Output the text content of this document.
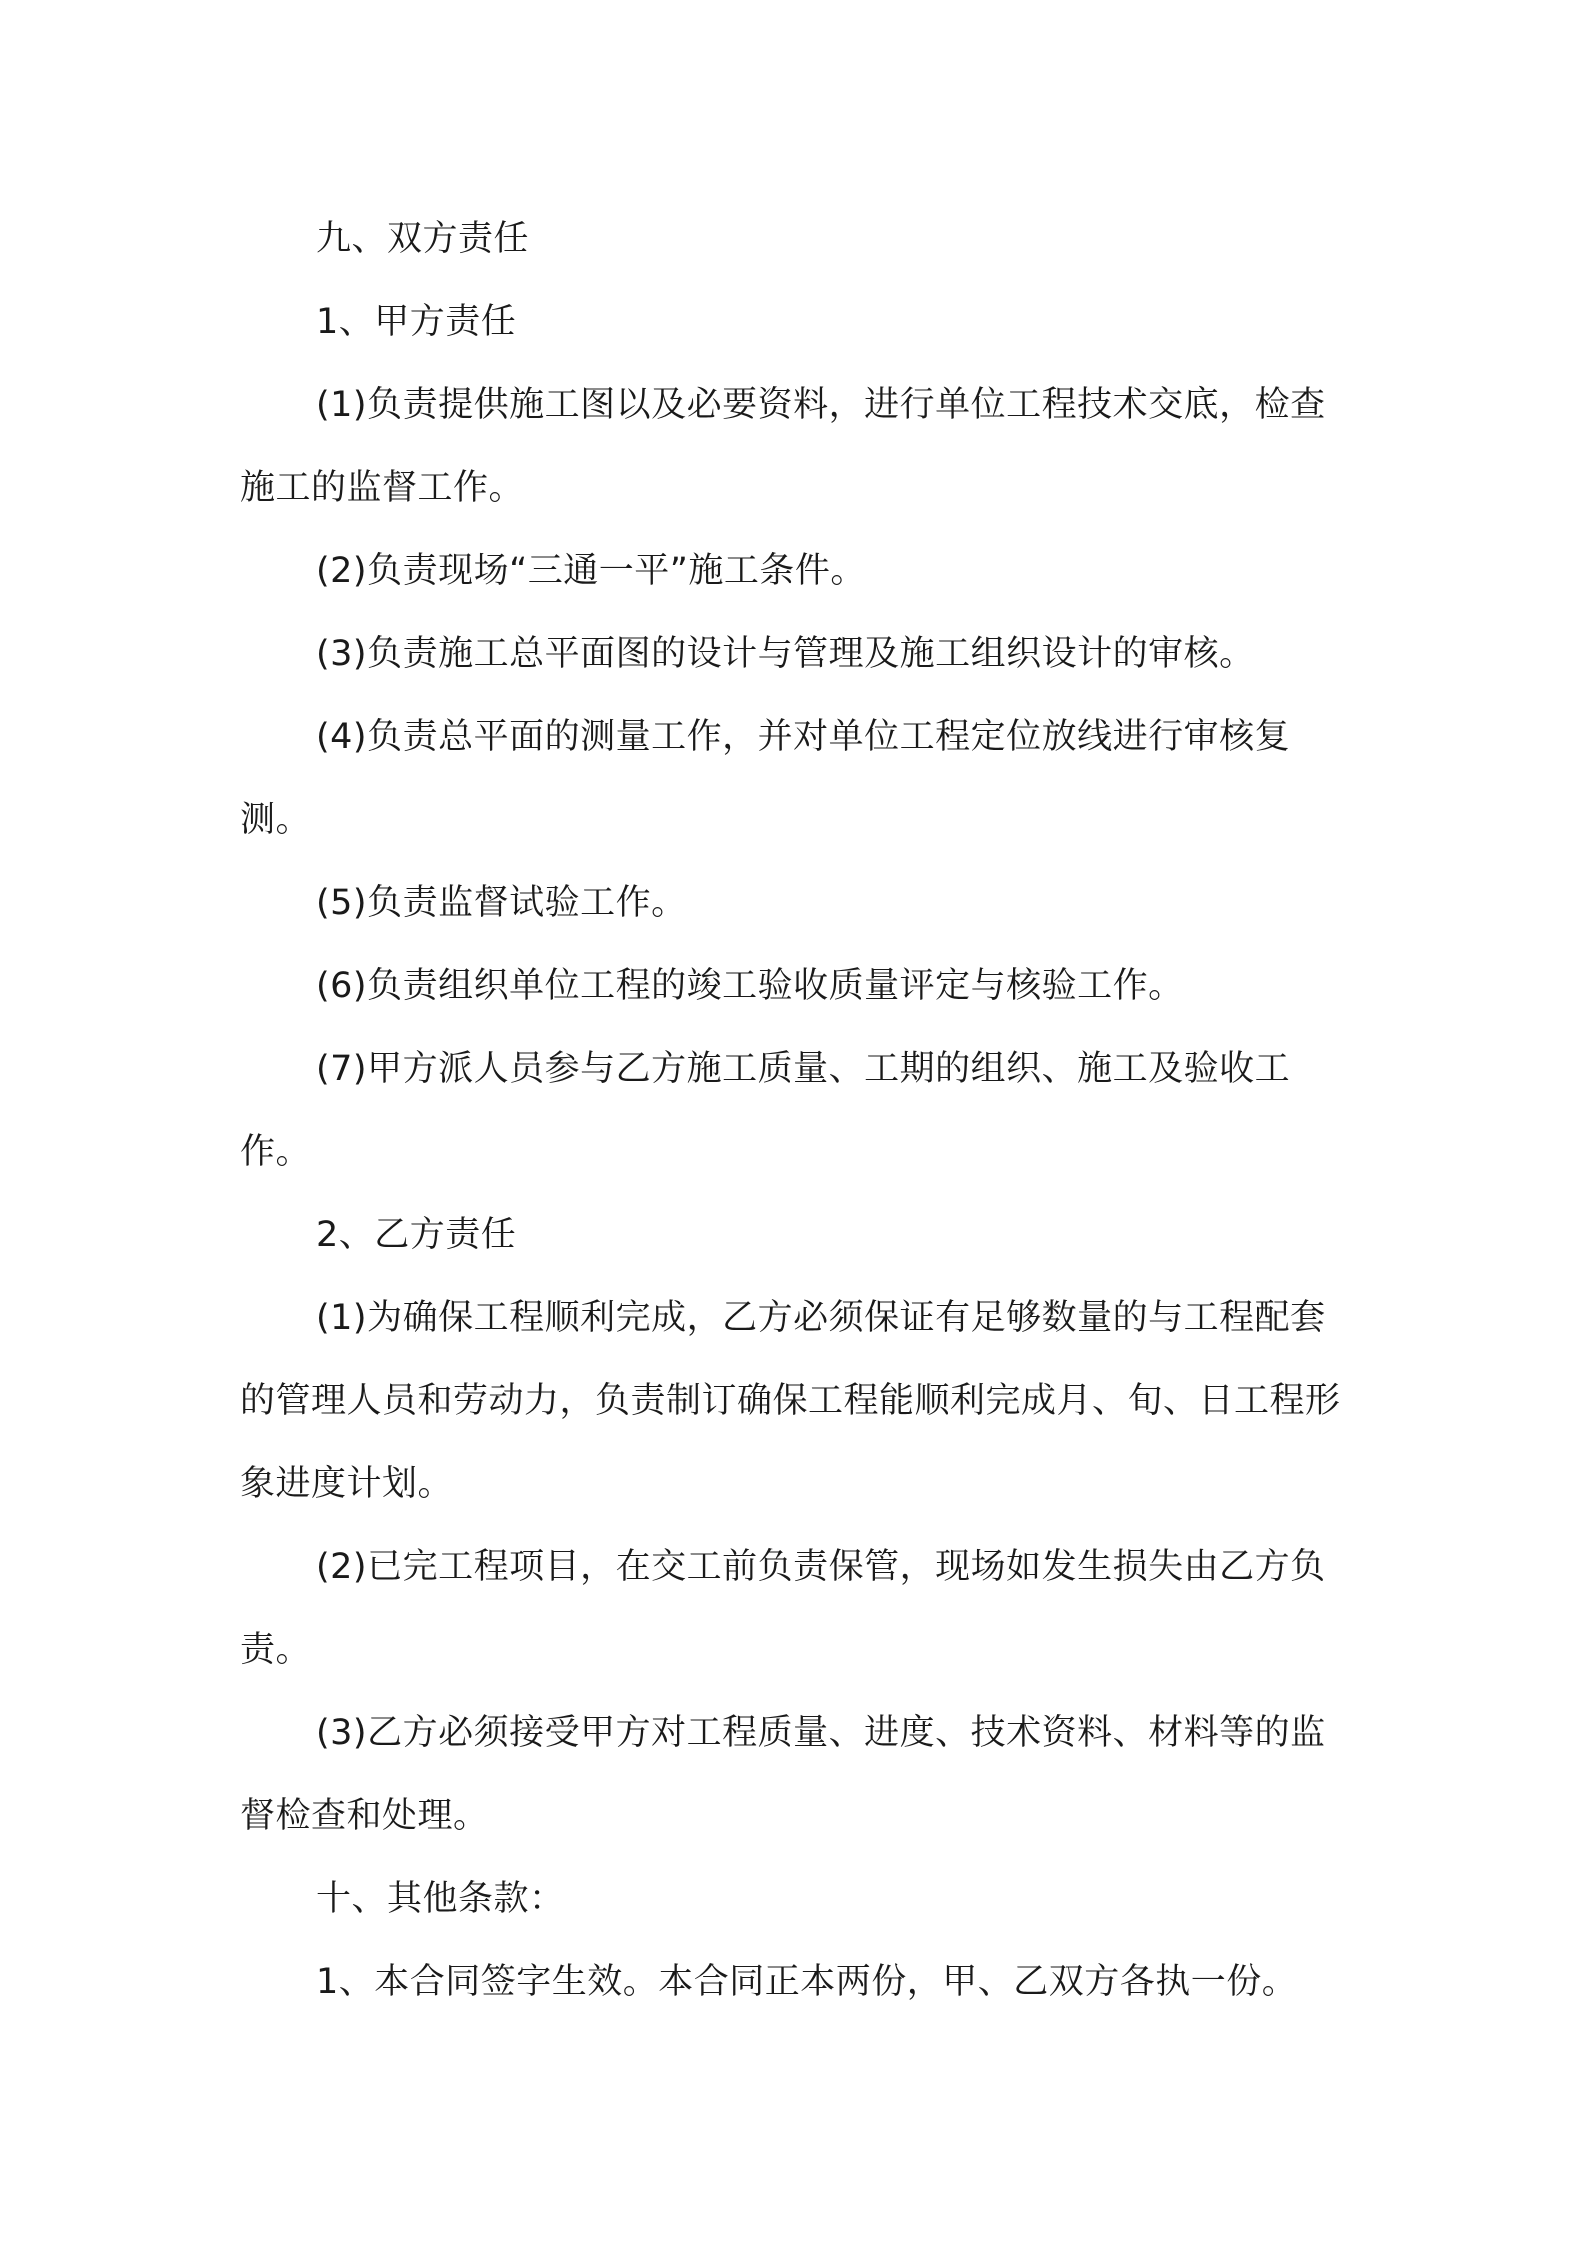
九、双方责任

1、甲方责任

(1)负责提供施工图以及必要资料，进行单位工程技术交底，检查施工的监督工作。

(2)负责现场“三通一平”施工条件。

(3)负责施工总平面图的设计与管理及施工组织设计的审核。

(4)负责总平面的测量工作，并对单位工程定位放线进行审核复测。

(5)负责监督试验工作。

(6)负责组织单位工程的竣工验收质量评定与核验工作。

(7)甲方派人员参与乙方施工质量、工期的组织、施工及验收工作。

2、乙方责任

(1)为确保工程顺利完成，乙方必须保证有足够数量的与工程配套的管理人员和劳动力，负责制订确保工程能顺利完成月、旬、日工程形象进度计划。

(2)已完工程项目，在交工前负责保管，现场如发生损失由乙方负责。

(3)乙方必须接受甲方对工程质量、进度、技术资料、材料等的监督检查和处理。

十、其他条款：

1、本合同签字生效。本合同正本两份，甲、乙双方各执一份。
